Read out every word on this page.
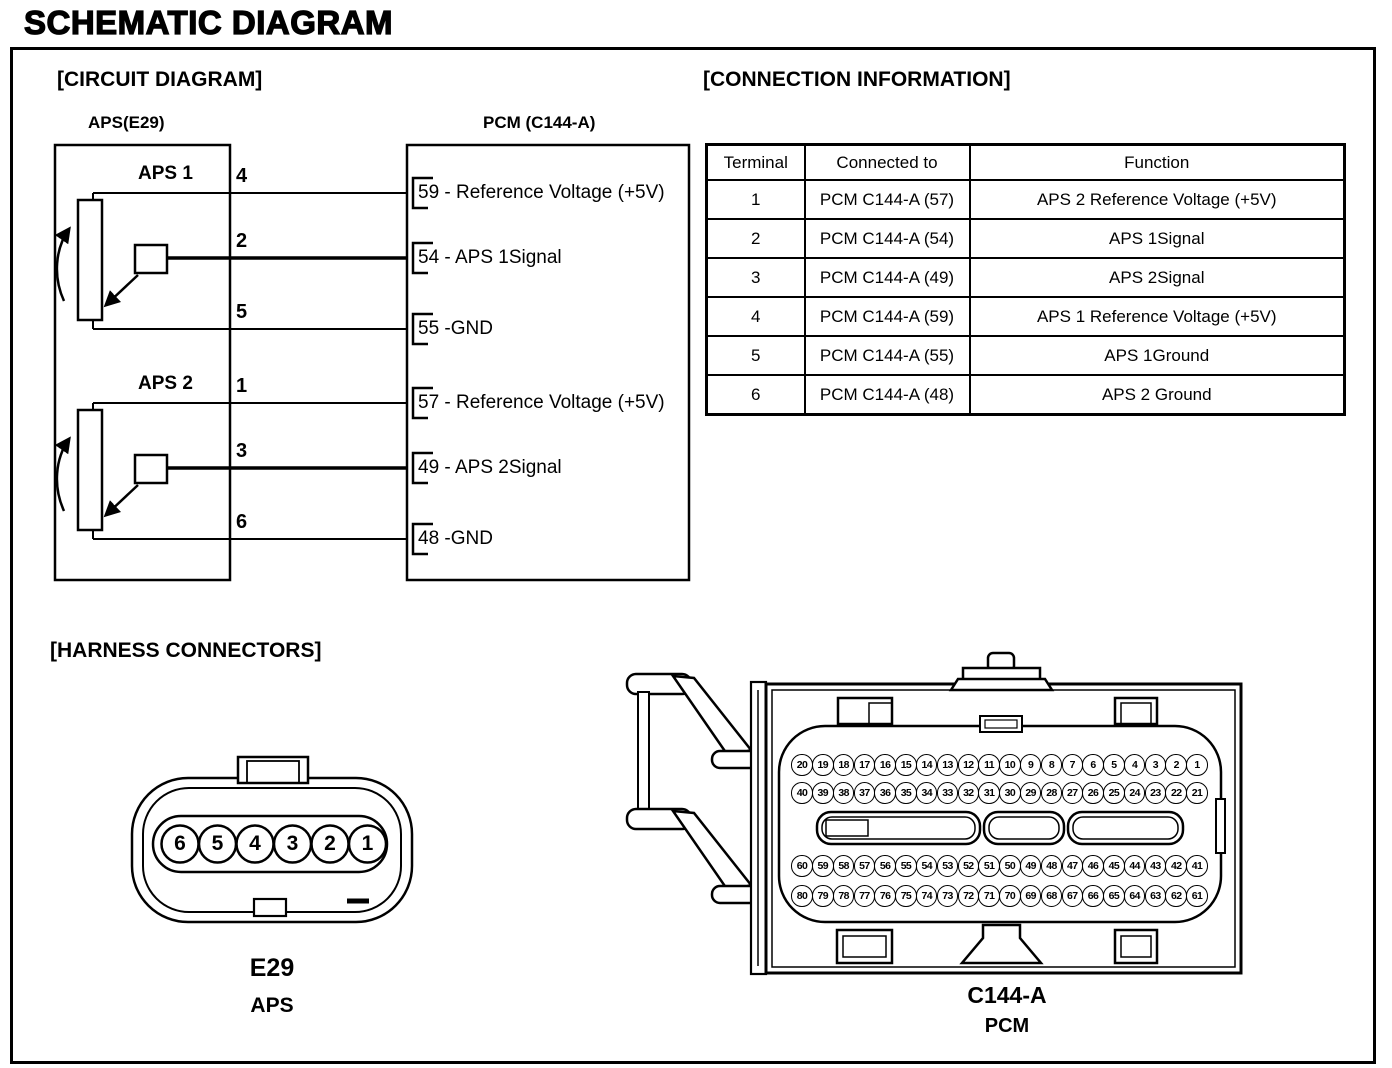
SCHEMATIC DIAGRAM
[CIRCUIT DIAGRAM]	[CONNECTION INFORMATION]
[HARNESS CONNECTORS]
APS(E29)	PCM (C144-A)
APS 1
APS 2
4
59 - Reference Voltage (+5V)
2
54 - APS 1Signal
5
55 -GND
1
57 - Reference Voltage (+5V)
3
49 - APS 2Signal
6
48 -GND
Terminal	Connected to	Function
1	PCM C144-A (57)	APS 2 Reference Voltage (+5V)
2	PCM C144-A (54)	APS 1Signal
3	PCM C144-A (49)	APS 2Signal
4	PCM C144-A (59)	APS 1 Reference Voltage (+5V)
5	PCM C144-A (55)	APS 1Ground
6	PCM C144-A (48)	APS 2 Ground
6	5	4	3	2	1
20 19 18 17 16 15 14 13 12	11	10	9	8	7	6	5	4	3	2	1
40 39 38 37 36 35 34 33 32 31 30 29 28 27 26 25 24 23 22 21
60 59 58 57 56 55 54 53 52 51 50 49 48 47 46 45 44 43 42 41
80 79 78 77 76 75 74 73 72 71 70 69 68 67 66 65 64 63 62 61
E29
APS	C144-A
PCM
